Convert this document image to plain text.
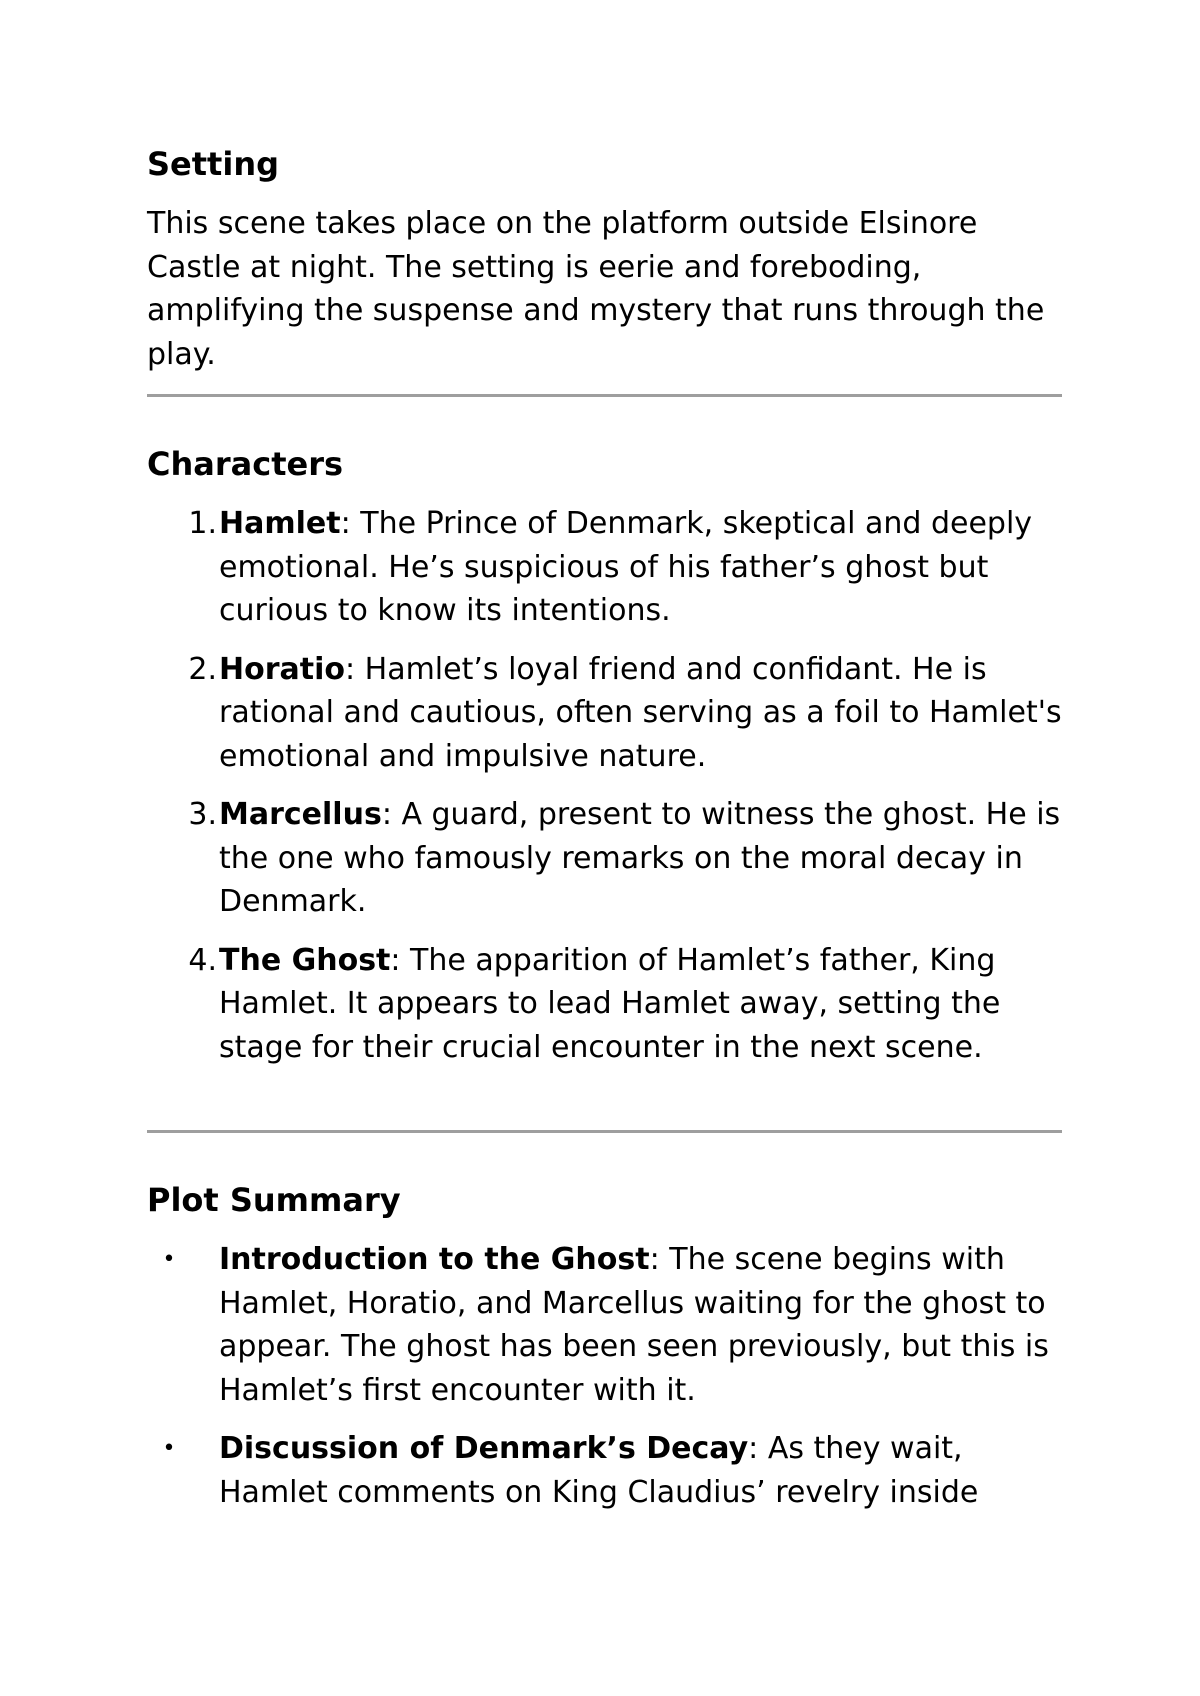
Setting

This scene takes place on the platform outside Elsinore Castle at night. The setting is eerie and foreboding, amplifying the suspense and mystery that runs through the play.

Characters
1. Hamlet: The Prince of Denmark, skeptical and deeply emotional. He’s suspicious of his father’s ghost but curious to know its intentions.
2. Horatio: Hamlet’s loyal friend and confidant. He is rational and cautious, often serving as a foil to Hamlet's emotional and impulsive nature.
3. Marcellus: A guard, present to witness the ghost. He is the one who famously remarks on the moral decay in Denmark.
4. The Ghost: The apparition of Hamlet’s father, King Hamlet. It appears to lead Hamlet away, setting the stage for their crucial encounter in the next scene.
Plot Summary
•	Introduction to the Ghost: The scene begins with Hamlet, Horatio, and Marcellus waiting for the ghost to appear. The ghost has been seen previously, but this is Hamlet’s first encounter with it.
•	Discussion of Denmark’s Decay: As they wait, Hamlet comments on King Claudius’ revelry inside
